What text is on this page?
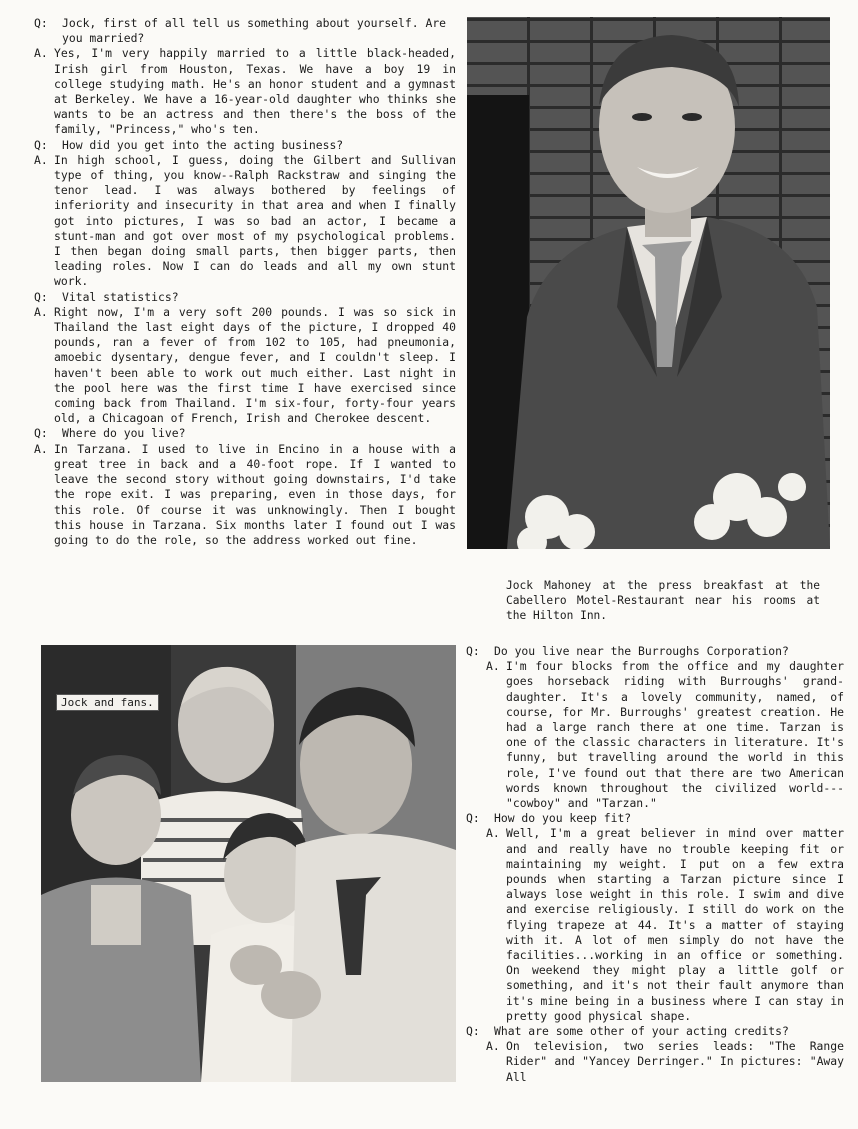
Q:	Jock, first of all tell us something about yourself. Are you married?

A. Yes, I'm very happily married to a little black-headed, Irish girl from Houston, Texas. We have a boy 19 in college studying math. He's an honor student and a gymnast at Berkeley. We have a 16-year-old daughter who thinks she wants to be an actress and then there's the boss of the family, "Princess," who's ten.

Q:	How did you get into the acting business?

A. In high school, I guess, doing the Gilbert and Sullivan type of thing, you know--Ralph Rackstraw and singing the tenor lead. I was always bothered by feelings of inferiority and insecurity in that area and when I finally got into pictures, I was so bad an actor, I became a stunt-man and got over most of my psychological problems. I then began doing small parts, then bigger parts, then leading roles. Now I can do leads and all my own stunt work.

Q:	Vital statistics?

A. Right now, I'm a very soft 200 pounds. I was so sick in Thailand the last eight days of the picture, I dropped 40 pounds, ran a fever of from 102 to 105, had pneumonia, amoebic dysentary, dengue fever, and I couldn't sleep. I haven't been able to work out much either. Last night in the pool here was the first time I have exercised since coming back from Thailand. I'm six-four, forty-four years old, a Chicagoan of French, Irish and Cherokee descent.

Q:	Where do you live?

A. In Tarzana. I used to live in Encino in a house with a great tree in back and a 40-foot rope. If I wanted to leave the second story without going downstairs, I'd take the rope exit. I was preparing, even in those days, for this role. Of course it was unknowingly. Then I bought this house in Tarzana. Six months later I found out I was going to do the role, so the address worked out fine.

Jock Mahoney at the press breakfast at the Cabellero Motel-Restaurant near his rooms at the Hilton Inn.
Jock and fans.

Q:	Do you live near the Burroughs Corporation?

A. I'm four blocks from the office and my daughter goes horseback riding with Burroughs' grand-daughter. It's a lovely community, named, of course, for Mr. Burroughs' greatest creation. He had a large ranch there at one time. Tarzan is one of the classic characters in literature. It's funny, but travelling around the world in this role, I've found out that there are two American words known throughout the civilized world---"cowboy" and "Tarzan."

Q:	How do you keep fit?

A. Well, I'm a great believer in mind over matter and and really have no trouble keeping fit or maintaining my weight. I put on a few extra pounds when starting a Tarzan picture since I always lose weight in this role. I swim and dive and exercise religiously. I still do work on the flying trapeze at 44. It's a matter of staying with it. A lot of men simply do not have the facilities...working in an office or something. On weekend they might play a little golf or something, and it's not their fault anymore than it's mine being in a business where I can stay in pretty good physical shape.

Q:	What are some other of your acting credits?

A. On television, two series leads: "The Range Rider" and "Yancey Derringer." In pictures: "Away All
